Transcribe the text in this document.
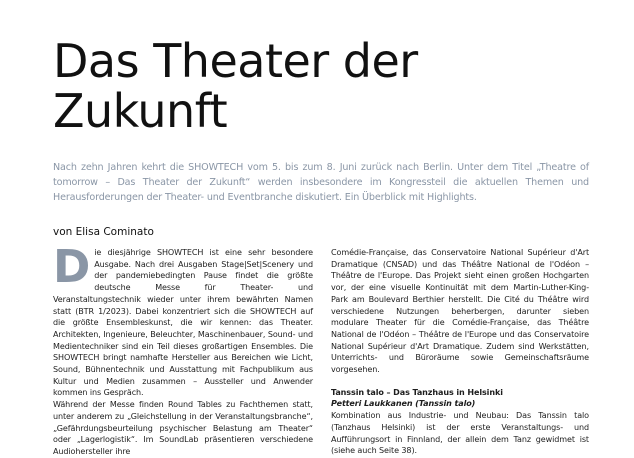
Das Theater der
Zukunft

Nach zehn Jahren kehrt die SHOWTECH vom 5. bis zum 8. Juni zurück nach Berlin. Unter dem Titel „Theatre of tomorrow – Das Theater der Zukunft“ werden insbesondere im Kongressteil die aktuellen Themen und Herausforderungen der Theater- und Eventbranche diskutiert. Ein Überblick mit Highlights.

von Elisa Cominato

Die diesjährige SHOWTECH ist eine sehr besondere Ausgabe. Nach drei Ausgaben Stage|Set|Scenery und der pandemiebedingten Pause findet die größte deutsche Messe für Theater- und Veranstaltungstechnik wieder unter ihrem bewährten Namen statt (BTR 1/2023). Dabei konzentriert sich die SHOWTECH auf die größte Ensembleskunst, die wir kennen: das Theater. Architekten, Ingenieure, Beleuchter, Maschinenbauer, Sound- und Medientechniker sind ein Teil dieses großartigen Ensembles. Die SHOWTECH bringt namhafte Hersteller aus Bereichen wie Licht, Sound, Bühnentechnik und Ausstattung mit Fachpublikum aus Kultur und Medien zusammen – Aussteller und Anwender kommen ins Gespräch.

Während der Messe finden Round Tables zu Fachthemen statt, unter anderem zu „Gleichstellung in der Veranstaltungsbranche“, „Gefährdungsbeurteilung psychischer Belastung am Theater“ oder „Lagerlogistik“. Im SoundLab präsentieren verschiedene Audiohersteller ihre

Comédie-Française, das Conservatoire National Supérieur d'Art Dramatique (CNSAD) und das Théâtre National de l'Odéon – Théâtre de l'Europe. Das Projekt sieht einen großen Hochgarten vor, der eine visuelle Kontinuität mit dem Martin-Luther-King-Park am Boulevard Berthier herstellt. Die Cité du Théâtre wird verschiedene Nutzungen beherbergen, darunter sieben modulare Theater für die Comédie-Française, das Théâtre National de l'Odéon – Théâtre de l'Europe und das Conservatoire National Supérieur d'Art Dramatique. Zudem sind Werkstätten, Unterrichts- und Büroräume sowie Gemeinschaftsräume vorgesehen.

Tanssin talo – Das Tanzhaus in Helsinki

Petteri Laukkanen (Tanssin talo)

Kombination aus Industrie- und Neubau: Das Tanssin talo (Tanzhaus Helsinki) ist der erste Veranstaltungs- und Aufführungsort in Finnland, der allein dem Tanz gewidmet ist (siehe auch Seite 38).
